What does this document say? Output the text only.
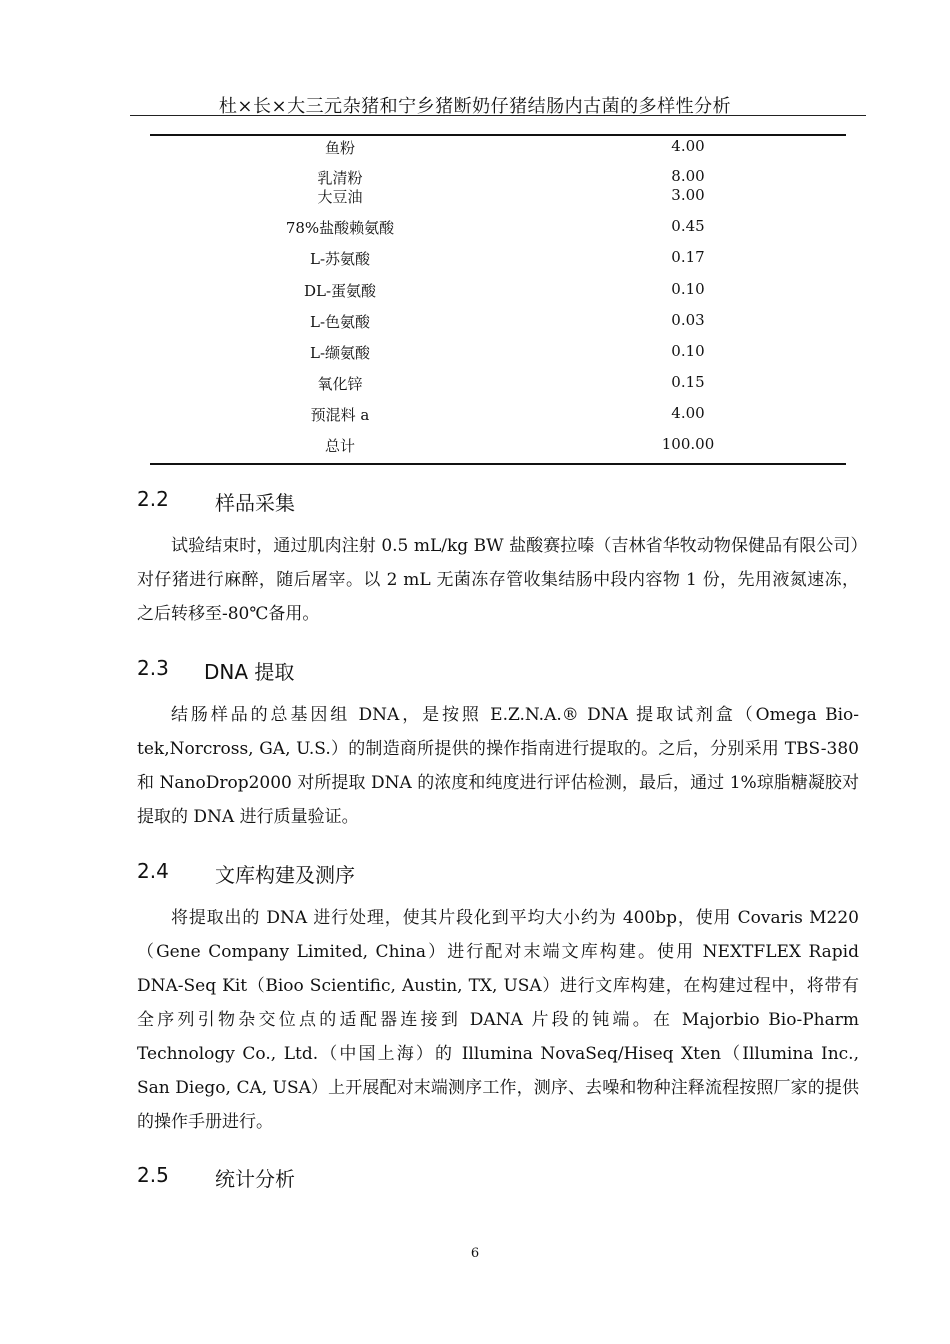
杜×长×大三元杂猪和宁乡猪断奶仔猪结肠内古菌的多样性分析
鱼粉	4.00
乳清粉	8.00
大豆油	3.00
78%盐酸赖氨酸	0.45
L-苏氨酸	0.17
DL-蛋氨酸	0.10
L-色氨酸	0.03
L-缬氨酸	0.10
氧化锌	0.15
预混料 a	4.00
总计	100.00
2.2 样品采集
试验结束时，通过肌肉注射 0.5 mL/kg BW 盐酸赛拉嗪（吉林省华牧动物保健品有限公司）对仔猪进行麻醉，随后屠宰。以 2 mL 无菌冻存管收集结肠中段内容物 1 份，先用液氮速冻，之后转移至-80℃备用。
2.3 DNA 提取
结肠样品的总基因组 DNA，是按照 E.Z.N.A.® DNA 提取试剂盒（Omega Bio-tek,Norcross, GA, U.S.）的制造商所提供的操作指南进行提取的。之后，分别采用 TBS-380 和 NanoDrop2000 对所提取 DNA 的浓度和纯度进行评估检测，最后，通过 1%琼脂糖凝胶对提取的 DNA 进行质量验证。
2.4 文库构建及测序
将提取出的 DNA 进行处理，使其片段化到平均大小约为 400bp，使用 Covaris M220（Gene Company Limited, China）进行配对末端文库构建。使用 NEXTFLEX Rapid DNA-Seq Kit（Bioo Scientific, Austin, TX, USA）进行文库构建，在构建过程中，将带有全序列引物杂交位点的适配器连接到 DANA 片段的钝端。在 Majorbio Bio-Pharm Technology Co., Ltd.（中国上海）的 Illumina NovaSeq/Hiseq Xten（Illumina Inc., San Diego, CA, USA）上开展配对末端测序工作，测序、去噪和物种注释流程按照厂家的提供的操作手册进行。
2.5 统计分析
6
